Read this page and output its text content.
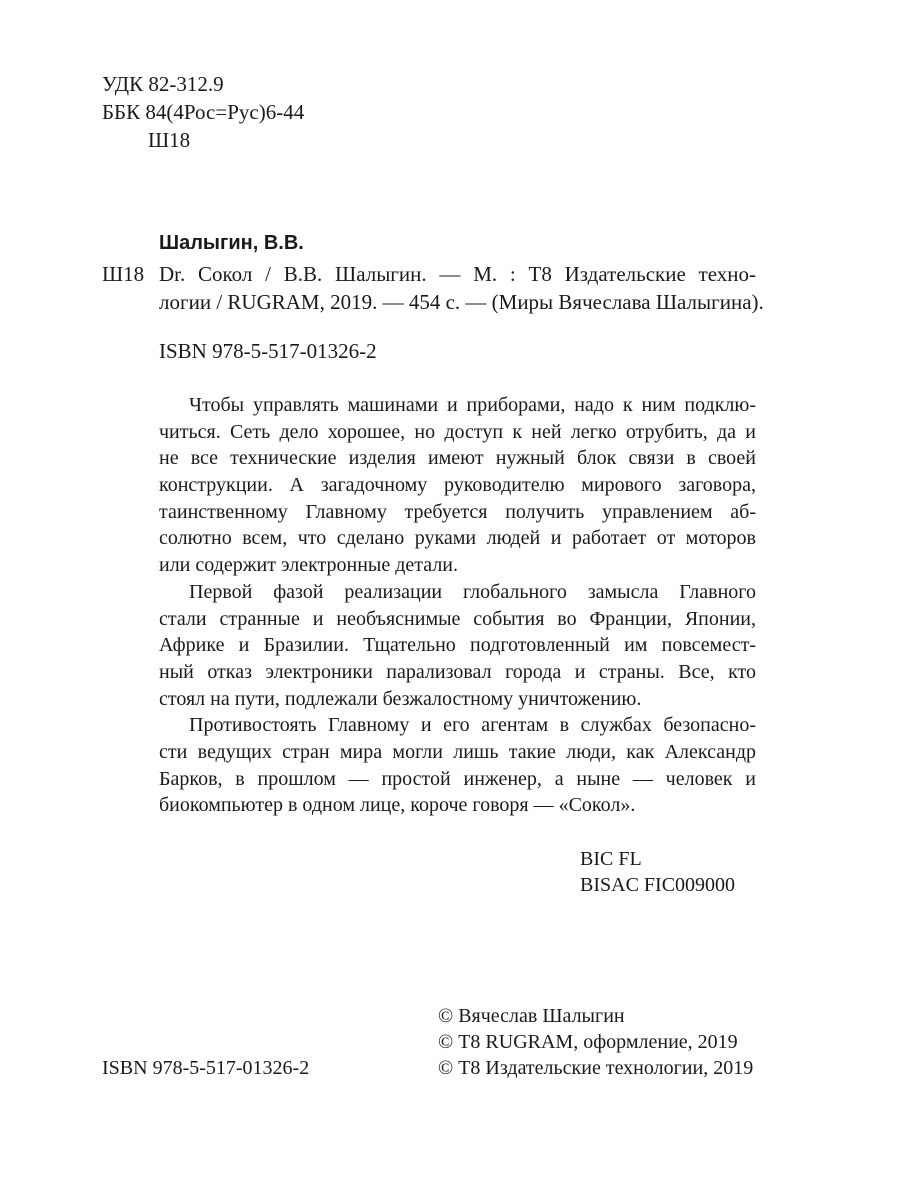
УДК 82-312.9
ББК 84(4Рос=Рус)6-44
Ш18
Шалыгин, В.В.
Ш18 Dr. Сокол / В.В. Шалыгин. — М. : Т8 Издательские техно-
логии / RUGRAM, 2019. — 454 с. — (Миры Вячеслава Шалыгина).
ISBN 978-5-517-01326-2
Чтобы управлять машинами и приборами, надо к ним подклю-
читься. Сеть дело хорошее, но доступ к ней легко отрубить, да и
не все технические изделия имеют нужный блок связи в своей
конструкции. А загадочному руководителю мирового заговора,
таинственному Главному требуется получить управлением аб-
солютно всем, что сделано руками людей и работает от моторов
или содержит электронные детали.
Первой фазой реализации глобального замысла Главного
стали странные и необъяснимые события во Франции, Японии,
Африке и Бразилии. Тщательно подготовленный им повсемест-
ный отказ электроники парализовал города и страны. Все, кто
стоял на пути, подлежали безжалостному уничтожению.
Противостоять Главному и его агентам в службах безопасно-
сти ведущих стран мира могли лишь такие люди, как Александр
Барков, в прошлом — простой инженер, а ныне — человек и
биокомпьютер в одном лице, короче говоря — «Сокол».
BIC FL
BISAC FIC009000
© Вячеслав Шалыгин
© Т8 RUGRAM, оформление, 2019
© Т8 Издательские технологии, 2019
ISBN 978-5-517-01326-2
